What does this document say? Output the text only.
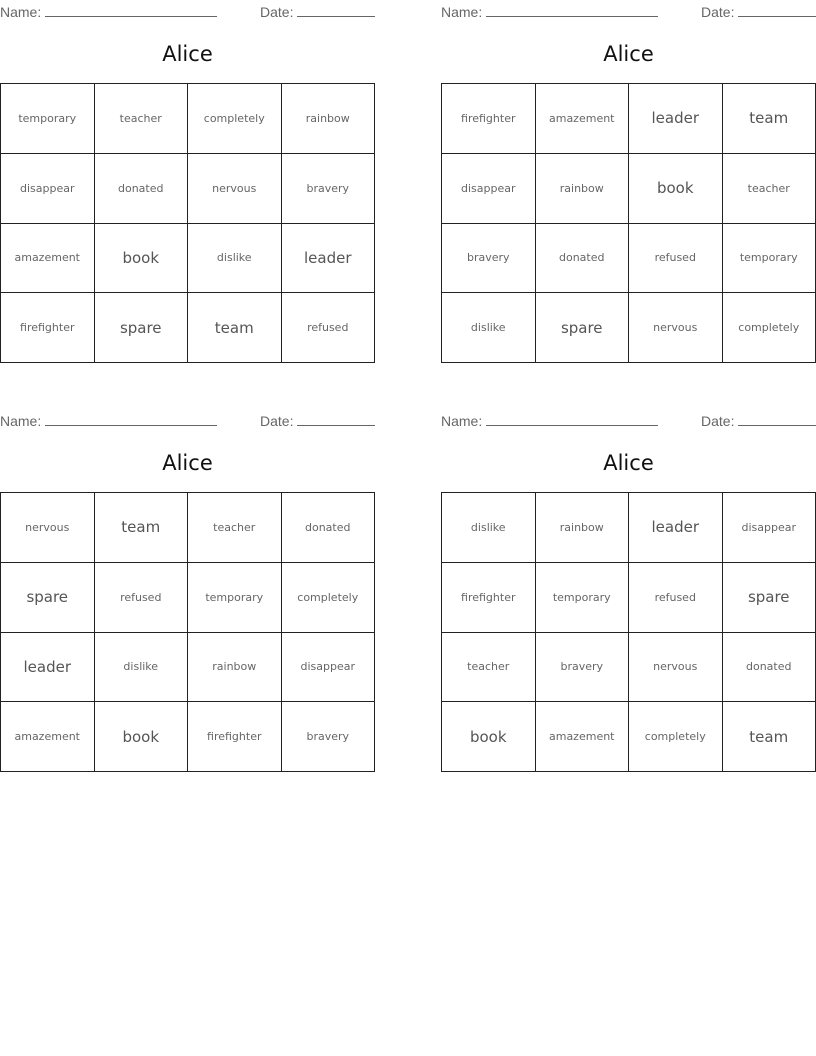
Name:	Date:
Alice
temporary	teacher	completely	rainbow
disappear	donated	nervous	bravery
amazement	book	dislike	leader
firefighter	spare	team	refused
Name:	Date:
Alice
firefighter	amazement	leader	team
disappear	rainbow	book	teacher
bravery	donated	refused	temporary
dislike	spare	nervous	completely
Name:	Date:
Alice
nervous	team	teacher	donated
spare	refused	temporary	completely
leader	dislike	rainbow	disappear
amazement	book	firefighter	bravery
Name:	Date:
Alice
dislike	rainbow	leader	disappear
firefighter	temporary	refused	spare
teacher	bravery	nervous	donated
book	amazement	completely	team
